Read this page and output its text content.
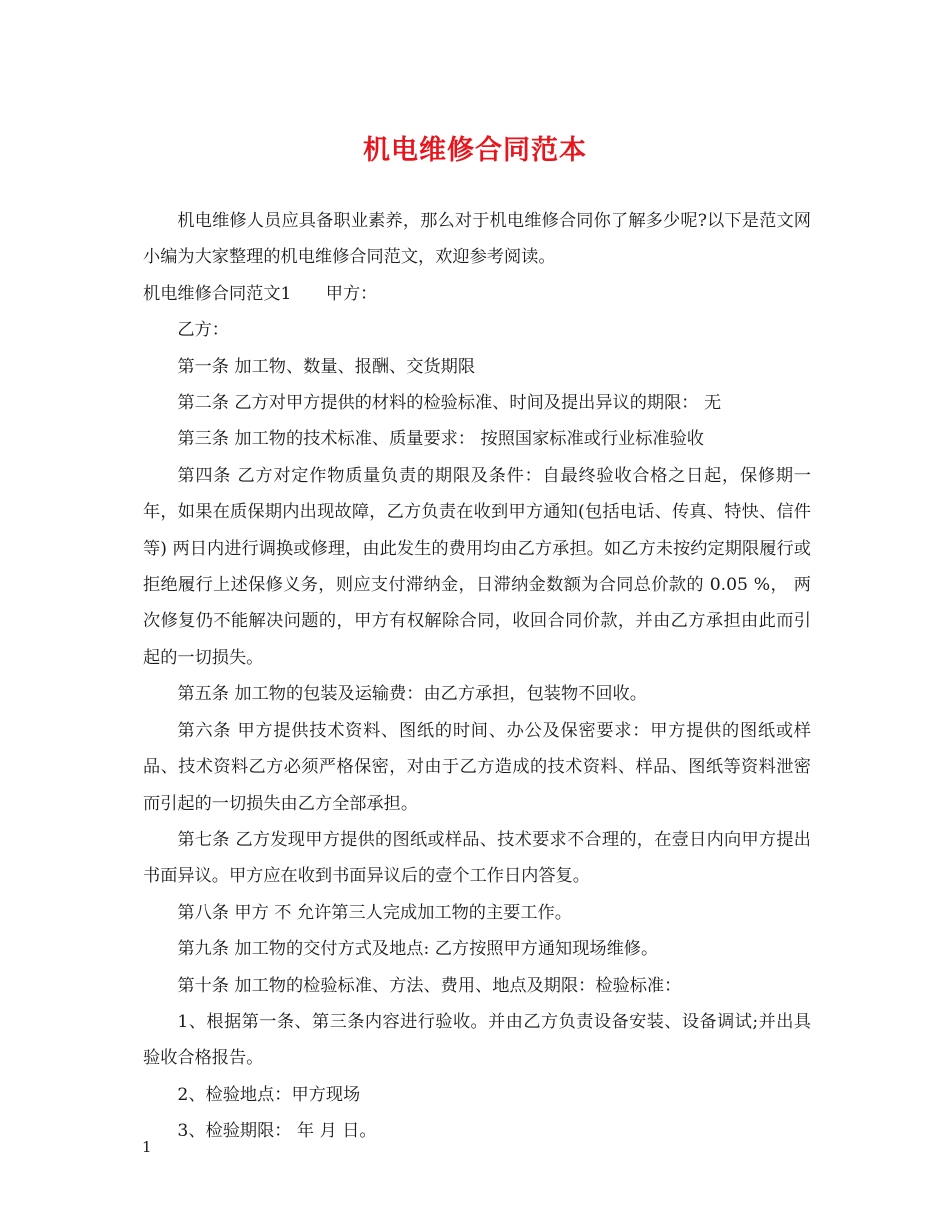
机电维修合同范本

机电维修人员应具备职业素养，那么对于机电维修合同你了解多少呢?以下是范文网小编为大家整理的机电维修合同范文，欢迎参考阅读。

机电维修合同范文1　　甲方：

乙方：

第一条 加工物、数量、报酬、交货期限

第二条 乙方对甲方提供的材料的检验标准、时间及提出异议的期限： 无

第三条 加工物的技术标准、质量要求： 按照国家标准或行业标准验收

第四条 乙方对定作物质量负责的期限及条件：自最终验收合格之日起，保修期一年，如果在质保期内出现故障，乙方负责在收到甲方通知(包括电话、传真、特快、信件等) 两日内进行调换或修理，由此发生的费用均由乙方承担。如乙方未按约定期限履行或拒绝履行上述保修义务，则应支付滞纳金，日滞纳金数额为合同总价款的 0.05 %， 两 次修复仍不能解决问题的，甲方有权解除合同，收回合同价款，并由乙方承担由此而引起的一切损失。

第五条 加工物的包装及运输费：由乙方承担，包装物不回收。

第六条 甲方提供技术资料、图纸的时间、办公及保密要求：甲方提供的图纸或样品、技术资料乙方必须严格保密，对由于乙方造成的技术资料、样品、图纸等资料泄密而引起的一切损失由乙方全部承担。

第七条 乙方发现甲方提供的图纸或样品、技术要求不合理的，在壹日内向甲方提出书面异议。甲方应在收到书面异议后的壹个工作日内答复。

第八条 甲方 不 允许第三人完成加工物的主要工作。

第九条 加工物的交付方式及地点: 乙方按照甲方通知现场维修。

第十条 加工物的检验标准、方法、费用、地点及期限：检验标准：

1、根据第一条、第三条内容进行验收。并由乙方负责设备安装、设备调试;并出具验收合格报告。

2、检验地点：甲方现场

3、检验期限： 年 月 日。

1
